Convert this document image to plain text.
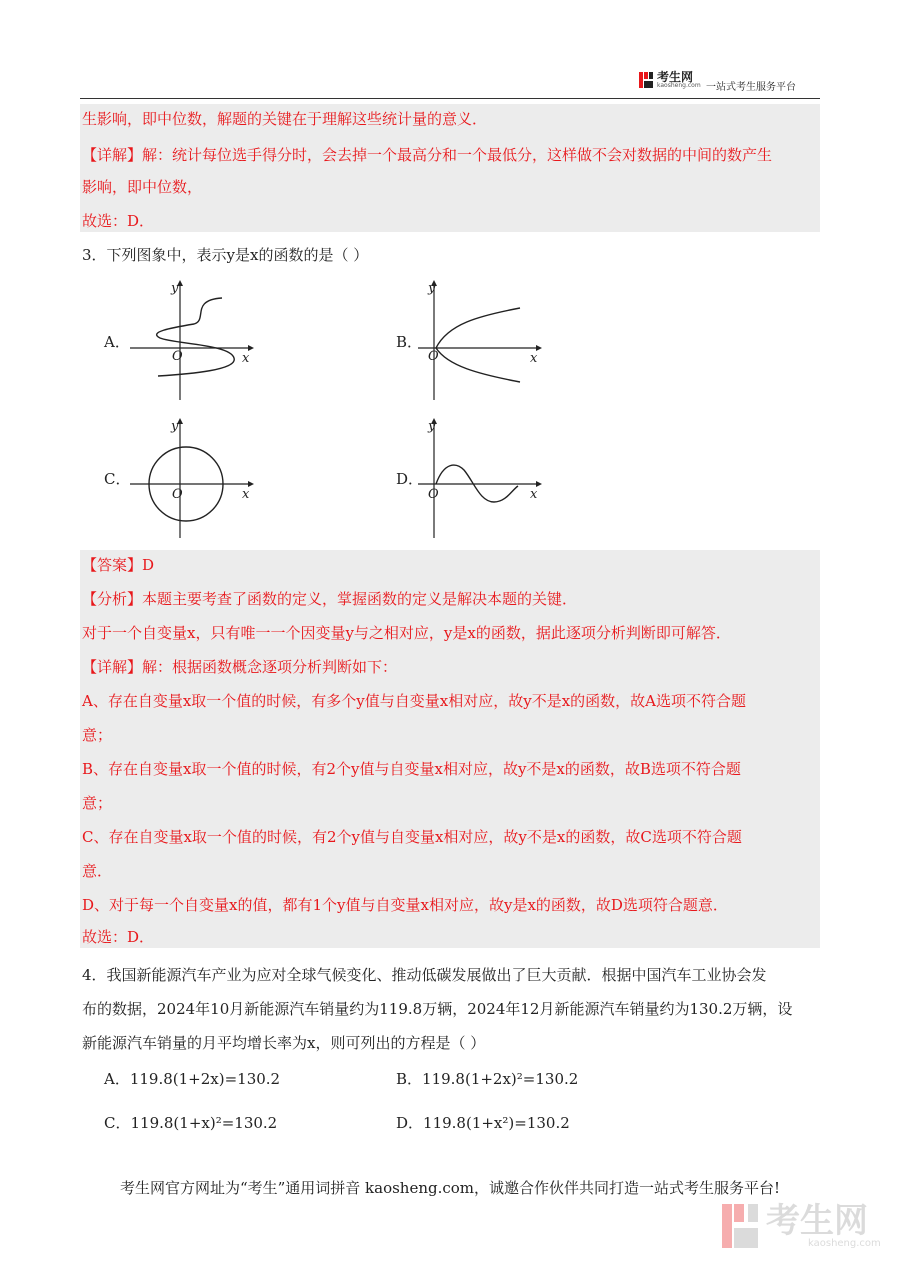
考生网
kaosheng.com 一站式考生服务平台
生影响，即中位数，解题的关键在于理解这些统计量的意义．
【详解】解：统计每位选手得分时，会去掉一个最高分和一个最低分，这样做不会对数据的中间的数产生
影响，即中位数，
故选：D．
3．下列图象中，表示y是x的函数的是（ ）
A．	B．
C．	D．
x
y
O	x
y
O
x
y
O	x
y
O
【答案】D
【分析】本题主要考查了函数的定义，掌握函数的定义是解决本题的关键．
对于一个自变量x，只有唯一一个因变量y与之相对应，y是x的函数，据此逐项分析判断即可解答．
【详解】解：根据函数概念逐项分析判断如下：
A、存在自变量x取一个值的时候，有多个y值与自变量x相对应，故y不是x的函数，故A选项不符合题
意；
B、存在自变量x取一个值的时候，有2个y值与自变量x相对应，故y不是x的函数，故B选项不符合题
意；
C、存在自变量x取一个值的时候，有2个y值与自变量x相对应，故y不是x的函数，故C选项不符合题
意．
D、对于每一个自变量x的值，都有1个y值与自变量x相对应，故y是x的函数，故D选项符合题意．
故选：D．
4．我国新能源汽车产业为应对全球气候变化、推动低碳发展做出了巨大贡献．根据中国汽车工业协会发
布的数据，2024年10月新能源汽车销量约为119.8万辆，2024年12月新能源汽车销量约为130.2万辆，设
新能源汽车销量的月平均增长率为x，则可列出的方程是（ ）
A．119.8(1+2x)=130.2	B．119.8(1+2x)²=130.2
C．119.8(1+x)²=130.2	D．119.8(1+x²)=130.2
考生网官方网址为“考生”通用词拼音 kaosheng.com，诚邀合作伙伴共同打造一站式考生服务平台!
考生网
kaosheng.com
